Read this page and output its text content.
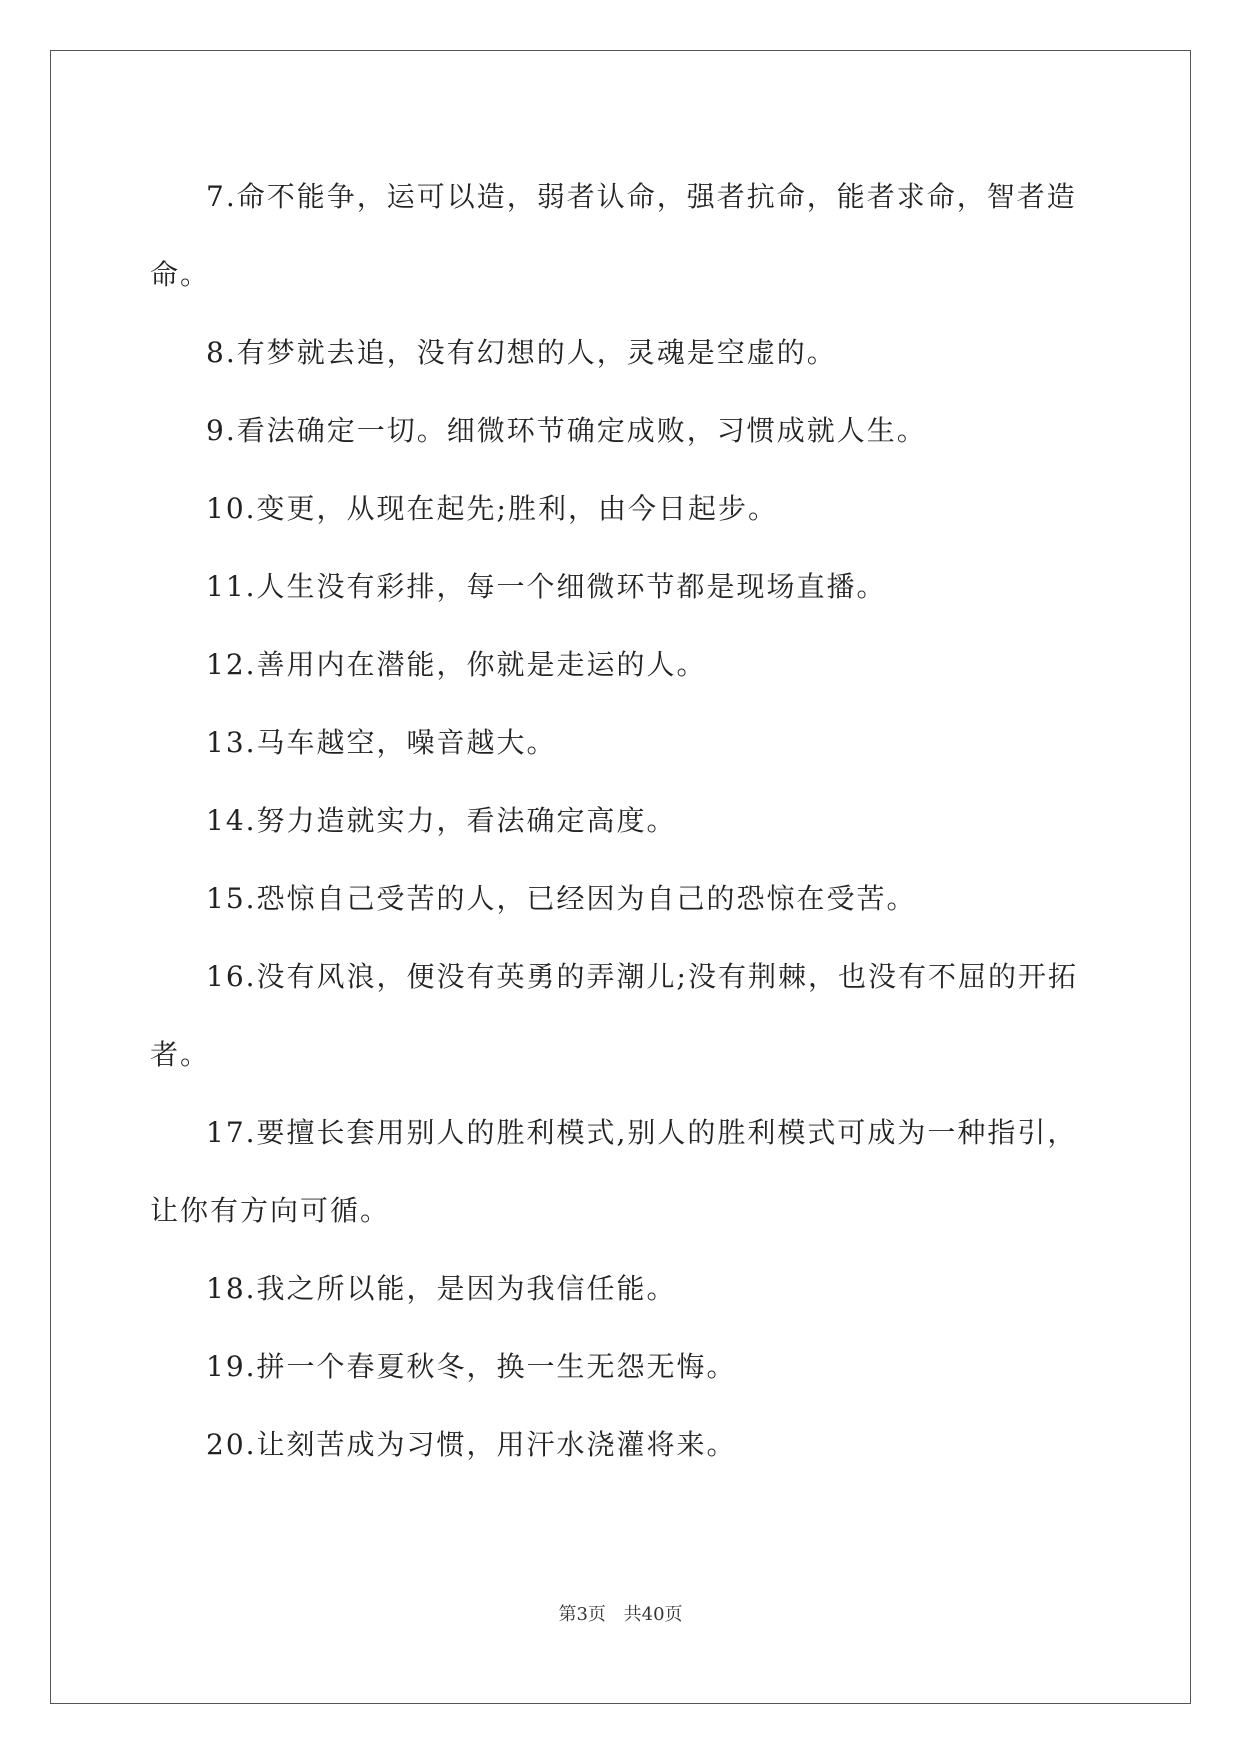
7.命不能争，运可以造，弱者认命，强者抗命，能者求命，智者造命。

8.有梦就去追，没有幻想的人，灵魂是空虚的。

9.看法确定一切。细微环节确定成败，习惯成就人生。

10.变更，从现在起先;胜利，由今日起步。

11.人生没有彩排，每一个细微环节都是现场直播。

12.善用内在潜能，你就是走运的人。

13.马车越空，噪音越大。

14.努力造就实力，看法确定高度。

15.恐惊自己受苦的人，已经因为自己的恐惊在受苦。

16.没有风浪，便没有英勇的弄潮儿;没有荆棘，也没有不屈的开拓者。

17.要擅长套用别人的胜利模式,别人的胜利模式可成为一种指引，让你有方向可循。

18.我之所以能，是因为我信任能。

19.拼一个春夏秋冬，换一生无怨无悔。

20.让刻苦成为习惯，用汗水浇灌将来。

第3页 共40页
